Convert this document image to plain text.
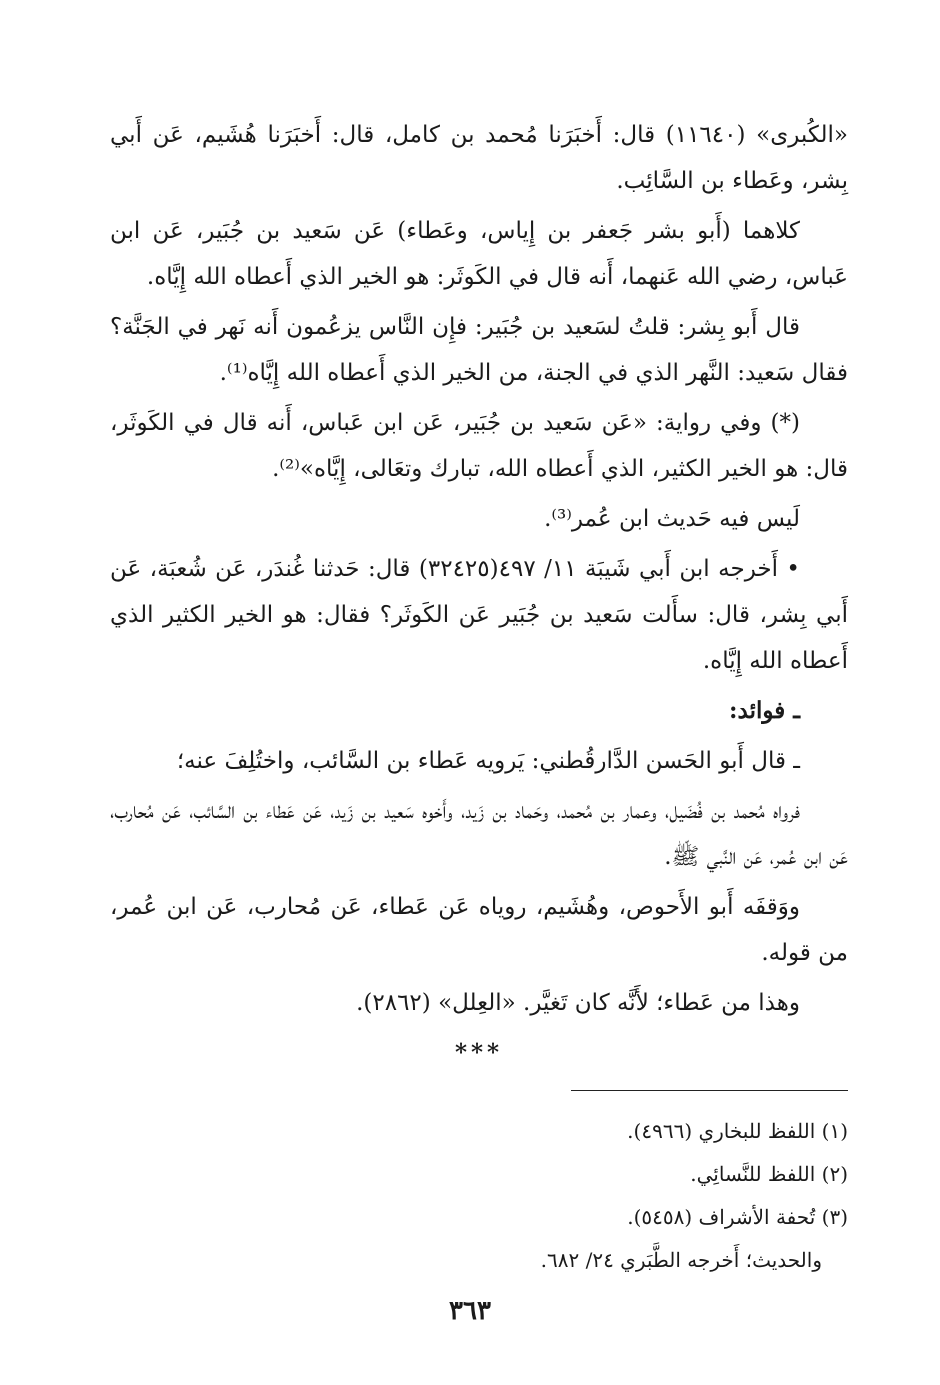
«الكُبرى» (١١٦٤٠) قال: أَخبَرَنا مُحمد بن كامل، قال: أَخبَرَنا هُشَيم، عَن أَبي بِشر، وعَطاء بن السَّائِب.

كلاهما (أَبو بشر جَعفر بن إِياس، وعَطاء) عَن سَعيد بن جُبَير، عَن ابن عَباس، رضي الله عَنهما، أَنه قال في الكَوثَر: هو الخير الذي أَعطاه الله إِيَّاه.

قال أَبو بِشر: قلتُ لسَعيد بن جُبَير: فإِن النَّاس يزعُمون أَنه نَهر في الجَنَّة؟ فقال سَعيد: النَّهر الذي في الجنة، من الخير الذي أَعطاه الله إِيَّاه⁽¹⁾.

(*) وفي رواية: «عَن سَعيد بن جُبَير، عَن ابن عَباس، أَنه قال في الكَوثَر، قال: هو الخير الكثير، الذي أَعطاه الله، تبارك وتعَالى، إِيَّاه»⁽²⁾.

لَيس فيه حَديث ابن عُمر⁽³⁾.

• أَخرجه ابن أَبي شَيبَة ١١/ ٤٩٧(٣٢٤٢٥) قال: حَدثنا غُندَر، عَن شُعبَة، عَن أَبي بِشر، قال: سأَلت سَعيد بن جُبَير عَن الكَوثَر؟ فقال: هو الخير الكثير الذي أَعطاه الله إِيَّاه.

ـ فوائد:

ـ قال أَبو الحَسن الدَّارقُطني: يَرويه عَطاء بن السَّائب، واختُلِفَ عنه؛

فرواه مُحمد بن فُضَيل، وعمار بن مُحمد، وحَماد بن زَيد، وأَخوه سَعيد بن زَيد، عَن عَطاء بن السَّائب، عَن مُحارب، عَن ابن عُمر، عَن النَّبي ﷺ.

ووَقفَه أَبو الأَحوص، وهُشَيم، روياه عَن عَطاء، عَن مُحارب، عَن ابن عُمر، من قوله.

وهذا من عَطاء؛ لأَنَّه كان تَغيَّر. «العِلل» (٢٨٦٢).

***

(١) اللفظ للبخاري (٤٩٦٦).

(٢) اللفظ للنَّسائِي.

(٣) تُحفة الأشراف (٥٤٥٨).

والحديث؛ أَخرجه الطَّبَري ٢٤/ ٦٨٢.

٣٦٣
